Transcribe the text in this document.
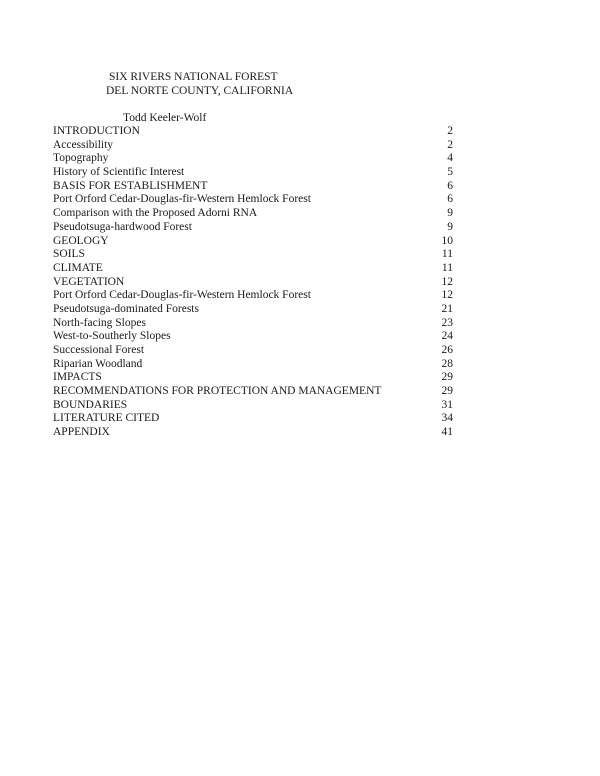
SIX RIVERS NATIONAL FOREST
DEL NORTE COUNTY, CALIFORNIA
Todd Keeler-Wolf
INTRODUCTION	2
Accessibility	2
Topography	4
History of Scientific Interest	5
BASIS FOR ESTABLISHMENT	6
Port Orford Cedar-Douglas-fir-Western Hemlock Forest	6
Comparison with the Proposed Adorni RNA	9
Pseudotsuga-hardwood Forest	9
GEOLOGY	10
SOILS	11
CLIMATE	11
VEGETATION	12
Port Orford Cedar-Douglas-fir-Western Hemlock Forest	12
Pseudotsuga-dominated Forests	21
North-facing Slopes	23
West-to-Southerly Slopes	24
Successional Forest	26
Riparian Woodland	28
IMPACTS	29
RECOMMENDATIONS FOR PROTECTION AND MANAGEMENT	29
BOUNDARIES	31
LITERATURE CITED	34
APPENDIX	41
